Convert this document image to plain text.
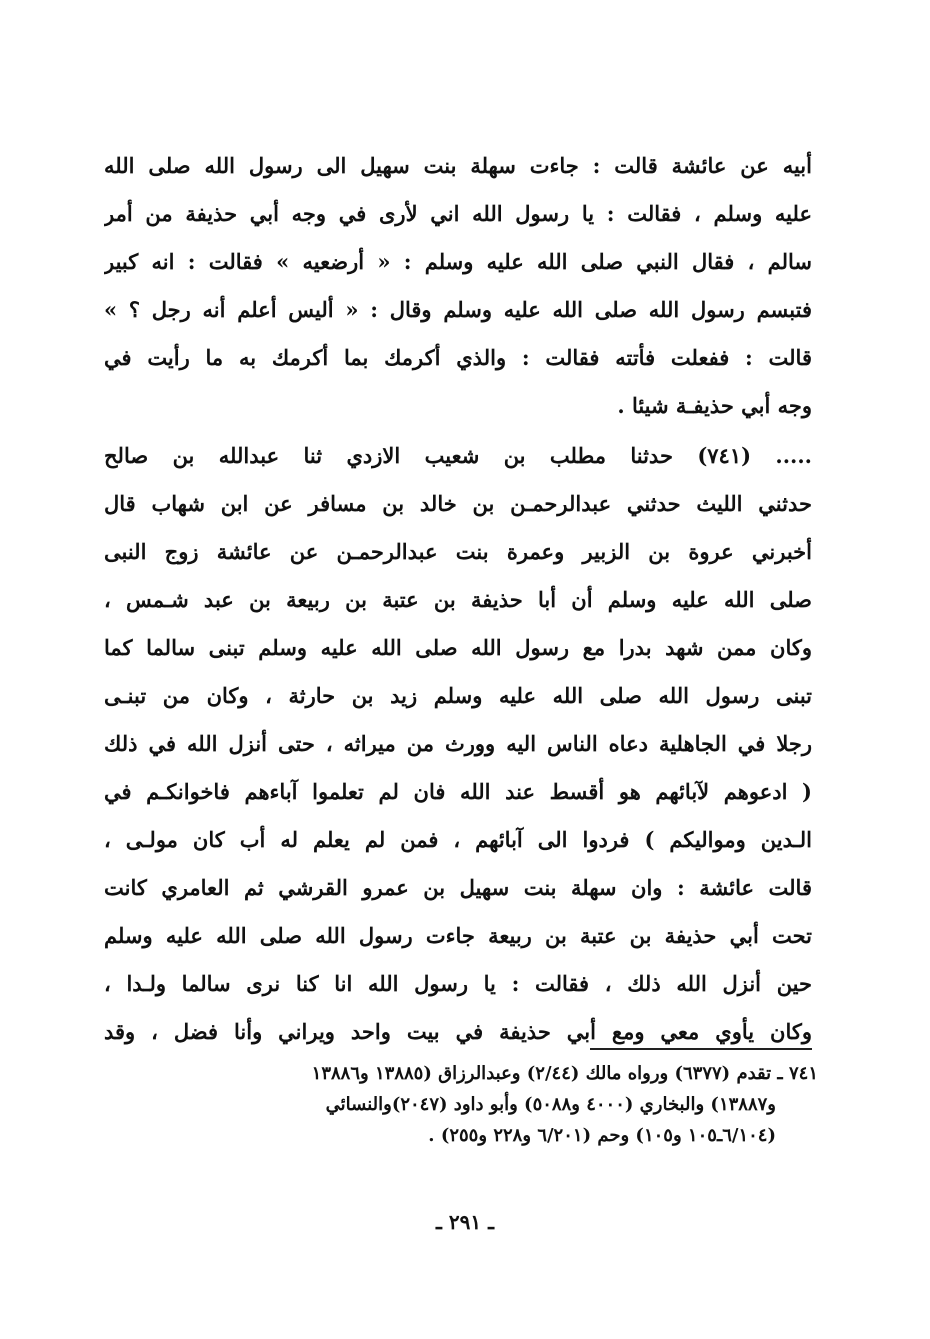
أبيه عن عائشة قالت : جاءت سهلة بنت سهيل الى رسول الله صلى الله
عليه وسلم ، فقالت : يا رسول الله اني لأرى في وجه أبي حذيفة من أمر
سالم ، فقال النبي صلى الله عليه وسلم : « أرضعيه » فقالت : انه كبير
فتبسم رسول الله صلى الله عليه وسلم وقال : « أليس أعلم أنه رجل ؟ »
قالت : ففعلت فأتته فقالت : والذي أكرمك بما أكرمك به ما رأيت في
وجه أبي حذيفـة شيئا .
..... (٧٤١) حدثنا مطلب بن شعيب الازدي ثنا عبدالله بن صالح
حدثني الليث حدثني عبدالرحمـن بن خالد بن مسافر عن ابن شهاب قال
أخبرني عروة بن الزبير وعمرة بنت عبدالرحمـن عن عائشة زوج النبى
صلى الله عليه وسلم أن أبا حذيفة بن عتبة بن ربيعة بن عبد شـمس ،
وكان ممن شهد بدرا مع رسول الله صلى الله عليه وسلم تبنى سالما كما
تبنى رسول الله صلى الله عليه وسلم زيد بن حارثة ، وكان من تبنـى
رجلا في الجاهلية دعاه الناس اليه وورث من ميراثه ، حتى أنزل الله في ذلك
( ادعوهم لآبائهم هو أقسط عند الله فان لم تعلموا آباءهم فاخوانكـم في
الـدين ومواليكم ) فردوا الى آبائهم ، فمن لم يعلم له أب كان مولـى ،
قالت عائشة : وان سهلة بنت سهيل بن عمرو القرشي ثم العامري كانت
تحت أبي حذيفة بن عتبة بن ربيعة جاءت رسول الله صلى الله عليه وسلم
حين أنزل الله ذلك ، فقالت : يا رسول الله انا كنا نرى سالما ولـدا ،
وكان يأوي معي ومع أبي حذيفة في بيت واحد ويراني وأنا فضل ، وقد
٧٤١ ـ تقدم (٦٣٧٧) ورواه مالك (٢/٤٤) وعبدالرزاق (١٣٨٨٥ و١٣٨٨٦
و١٣٨٨٧) والبخاري (٤٠٠٠ و٥٠٨٨) وأبو داود (٢٠٤٧)والنسائي
(٦/١٠٤ـ١٠٥ و١٠٥) وحم (٦/٢٠١ و٢٢٨ و٢٥٥) .
ـ ٢٩١ ـ
